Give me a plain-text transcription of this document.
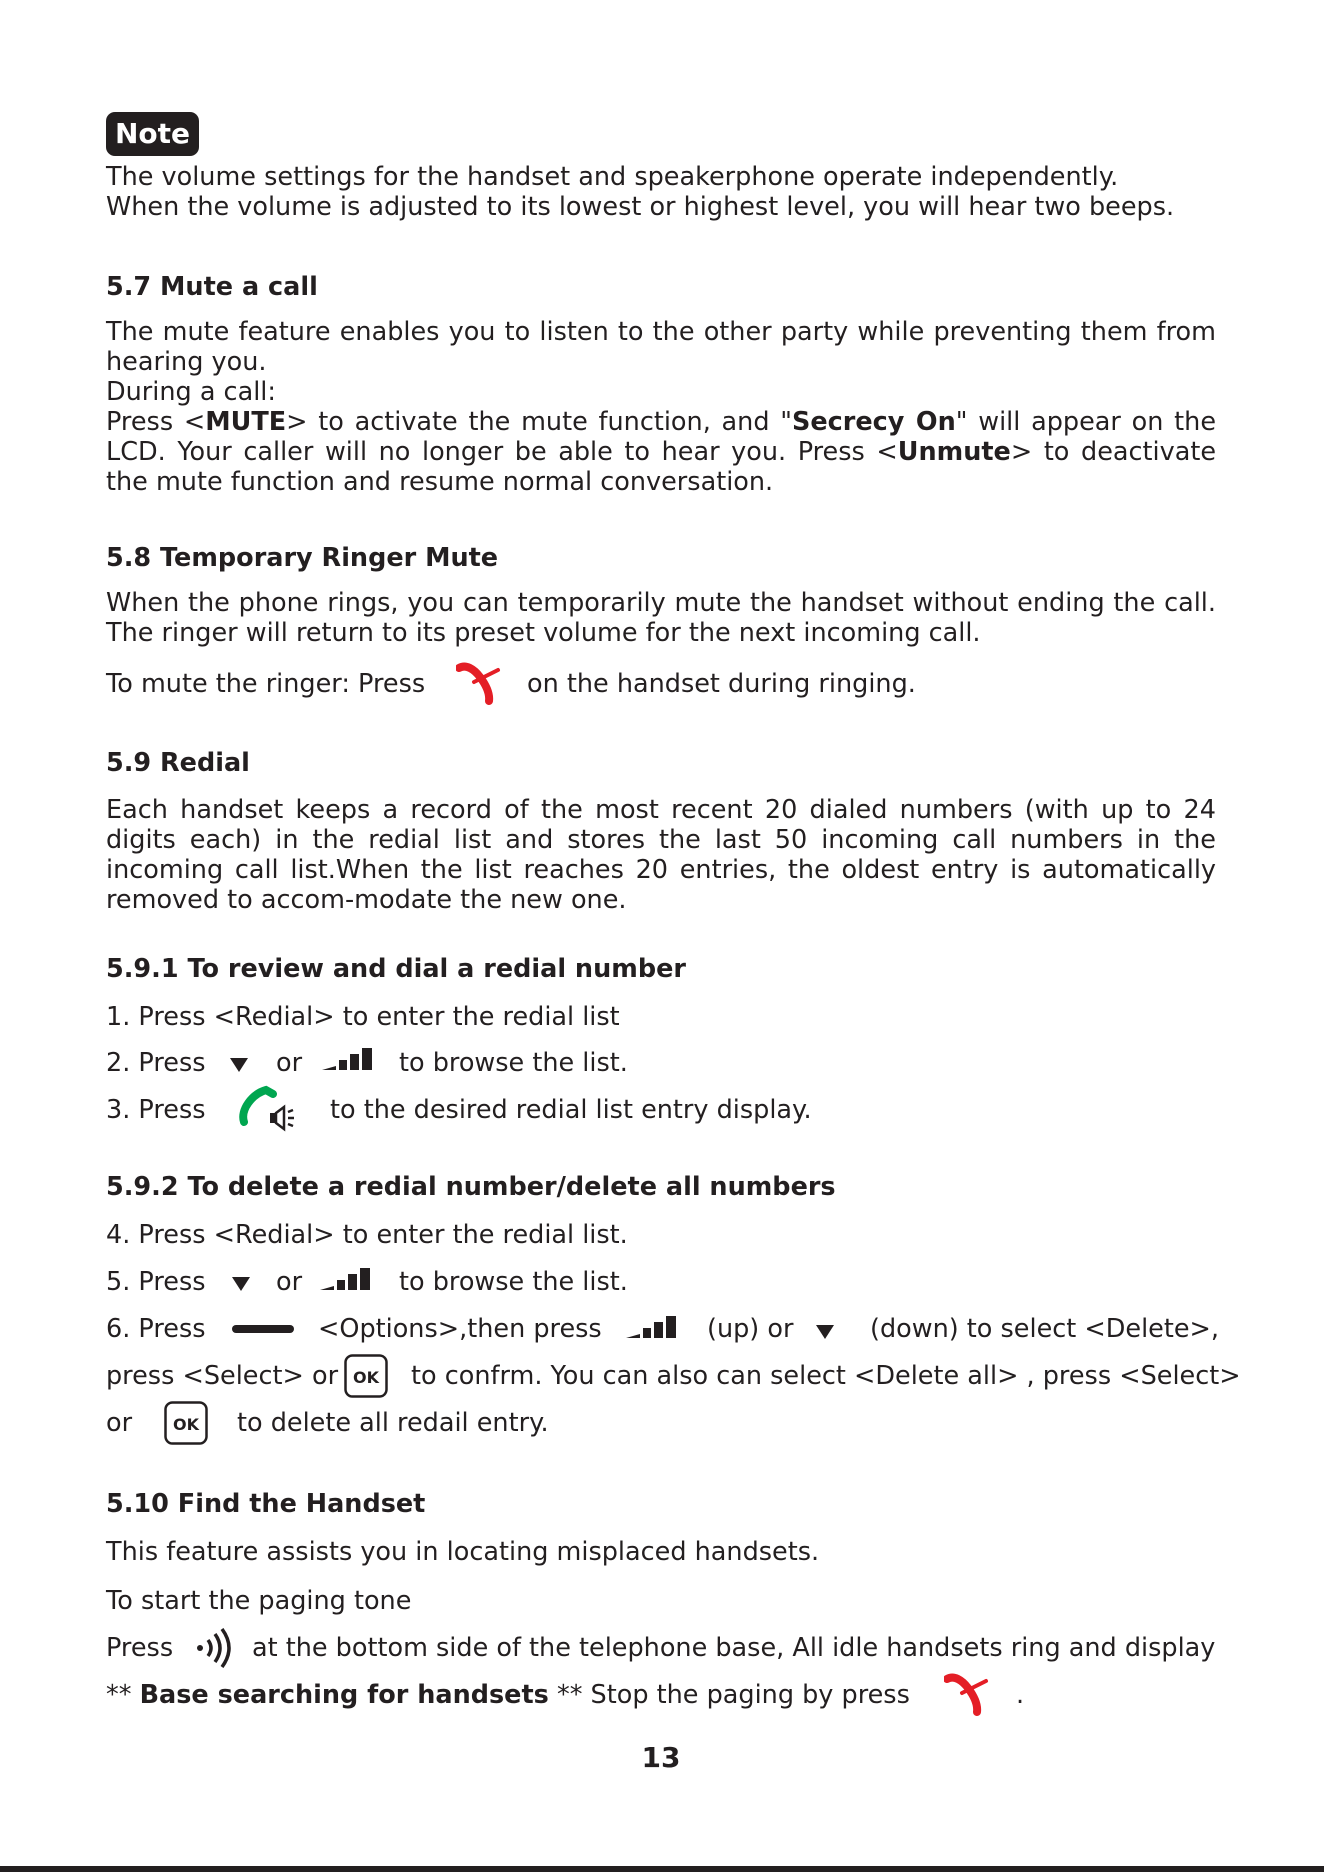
Note
The volume settings for the handset and speakerphone operate independently.
When the volume is adjusted to its lowest or highest level, you will hear two beeps.
5.7 Mute a call
The mute feature enables you to listen to the other party while preventing them from hearing you.
During a call:
Press <MUTE> to activate the mute function, and "Secrecy On" will appear on the LCD. Your caller will no longer be able to hear you. Press <Unmute> to deactivate the mute function and resume normal conversation.
5.8 Temporary Ringer Mute
When the phone rings, you can temporarily mute the handset without ending the call. The ringer will return to its preset volume for the next incoming call.
To mute the ringer: Press	on the handset during ringing.
5.9 Redial
Each handset keeps a record of the most recent 20 dialed numbers (with up to 24 digits each) in the redial list and stores the last 50 incoming call numbers in the incoming call list.When the list reaches 20 entries, the oldest entry is automatically removed to accom-modate the new one.
5.9.1 To review and dial a redial number
1. Press <Redial> to enter the redial list
2. Press	or	to browse the list.
3. Press	to the desired redial list entry display.
5.9.2 To delete a redial number/delete all numbers
4. Press <Redial> to enter the redial list.
5. Press	or	to browse the list.
6. Press	<Options>,then press	(up) or	(down) to select <Delete>,
press <Select> or	to confrm. You can also can select <Delete all> , press <Select>
or	to delete all redail entry.
5.10 Find the Handset
This feature assists you in locating misplaced handsets.
To start the paging tone
Press	at the bottom side of the telephone base, All idle handsets ring and display
** Base searching for handsets ** Stop the paging by press	.
13
